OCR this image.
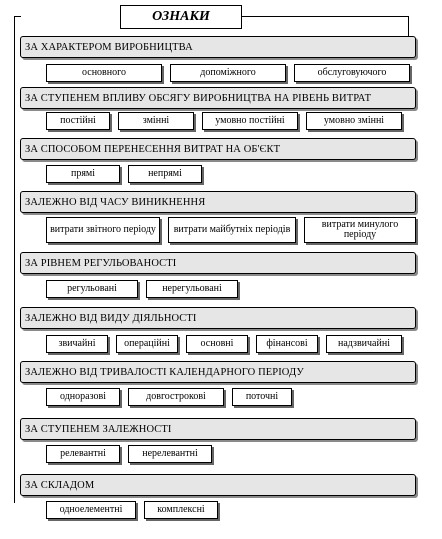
ОЗНАКИ
ЗА ХАРАКТЕРОМ ВИРОБНИЦТВА
основного	допоміжного	обслуговуючого
ЗА СТУПЕНЕМ ВПЛИВУ ОБСЯГУ ВИРОБНИЦТВА НА РІВЕНЬ ВИТРАТ
постійні	змінні	умовно постійні	умовно змінні
ЗА СПОСОБОМ ПЕРЕНЕСЕННЯ ВИТРАТ НА ОБ'ЄКТ
прямі	непрямі
ЗАЛЕЖНО ВІД ЧАСУ ВИНИКНЕННЯ
витрати звітного періоду	витрати майбутніх періодів	витрати минулого періоду
ЗА РІВНЕМ РЕГУЛЬОВАНОСТІ
регульовані	нерегульовані
ЗАЛЕЖНО ВІД ВИДУ ДІЯЛЬНОСТІ
звичайні	операційні	основні	фінансові	надзвичайні
ЗАЛЕЖНО ВІД ТРИВАЛОСТІ КАЛЕНДАРНОГО ПЕРІОДУ
одноразові	довгострокові	поточні
ЗА СТУПЕНЕМ ЗАЛЕЖНОСТІ
релевантні	нерелевантні
ЗА СКЛАДОМ
одноелементні	комплексні
